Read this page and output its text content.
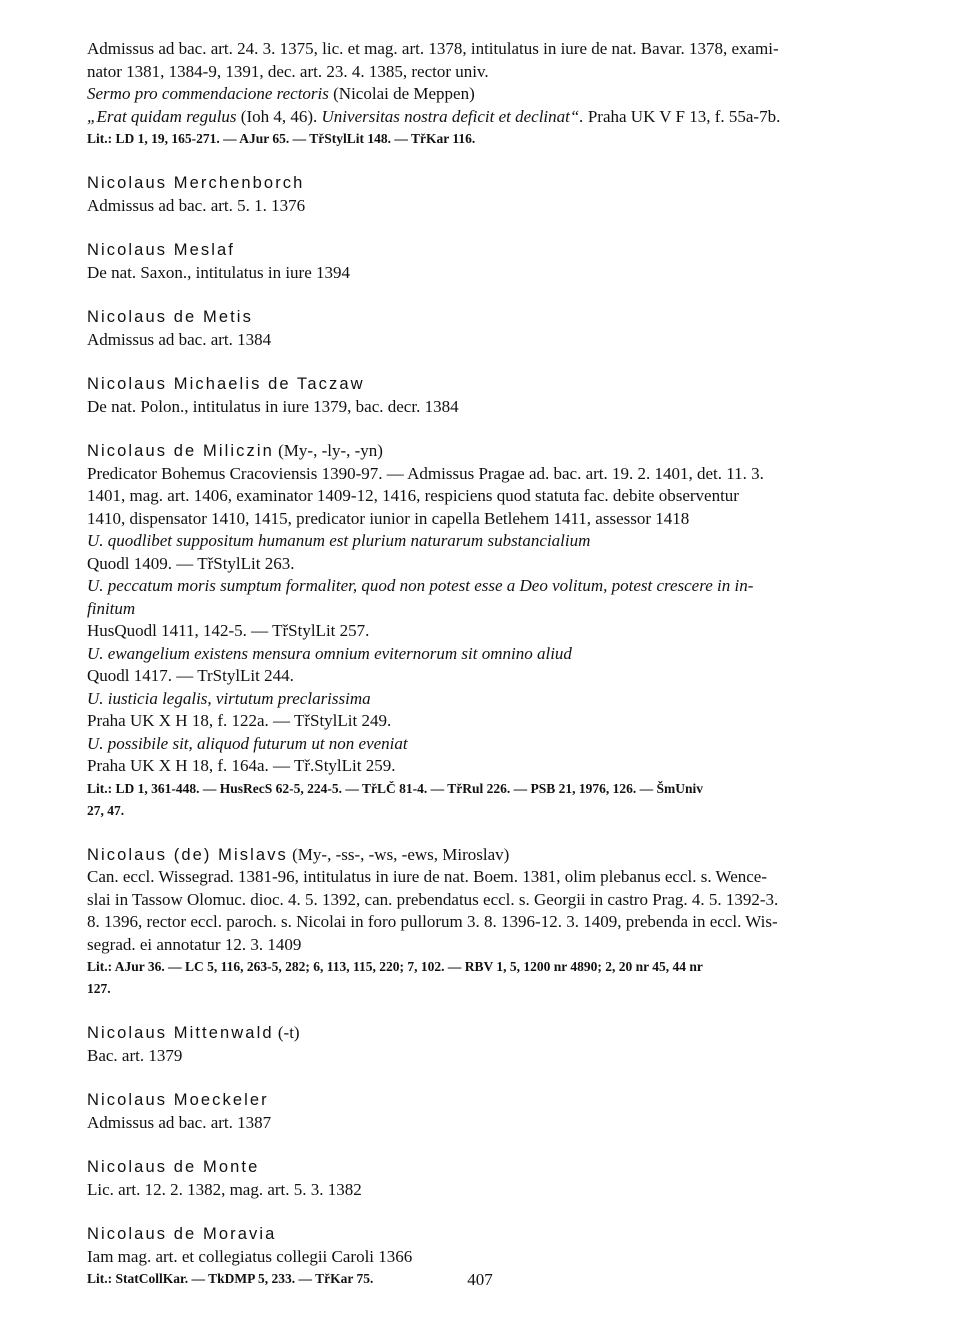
Admissus ad bac. art. 24. 3. 1375, lic. et mag. art. 1378, intitulatus in iure de nat. Bavar. 1378, exami-
nator 1381, 1384-9, 1391, dec. art. 23. 4. 1385, rector univ.
Sermo pro commendacione rectoris (Nicolai de Meppen)
„Erat quidam regulus (Ioh 4, 46). Universitas nostra deficit et declinat“. Praha UK V F 13, f. 55a-7b.
Lit.: LD 1, 19, 165-271. — AJur 65. — TřStylLit 148. — TřKar 116.
Nicolaus Merchenborch
Admissus ad bac. art. 5. 1. 1376
Nicolaus Meslaf
De nat. Saxon., intitulatus in iure 1394
Nicolaus de Metis
Admissus ad bac. art. 1384
Nicolaus Michaelis de Taczaw
De nat. Polon., intitulatus in iure 1379, bac. decr. 1384
Nicolaus de Miliczin (My-, -ly-, -yn)
Predicator Bohemus Cracoviensis 1390-97. — Admissus Pragae ad. bac. art. 19. 2. 1401, det. 11. 3.
1401, mag. art. 1406, examinator 1409-12, 1416, respiciens quod statuta fac. debite observentur
1410, dispensator 1410, 1415, predicator iunior in capella Betlehem 1411, assessor 1418
U. quodlibet suppositum humanum est plurium naturarum substancialium
Quodl 1409. — TřStylLit 263.
U. peccatum moris sumptum formaliter, quod non potest esse a Deo volitum, potest crescere in in-
finitum
HusQuodl 1411, 142-5. — TřStylLit 257.
U. ewangelium existens mensura omnium eviternorum sit omnino aliud
Quodl 1417. — TrStylLit 244.
U. iusticia legalis, virtutum preclarissima
Praha UK X H 18, f. 122a. — TřStylLit 249.
U. possibile sit, aliquod futurum ut non eveniat
Praha UK X H 18, f. 164a. — Tř.StylLit 259.
Lit.: LD 1, 361-448. — HusRecS 62-5, 224-5. — TřLČ 81-4. — TřRul 226. — PSB 21, 1976, 126. — ŠmUniv
27, 47.
Nicolaus (de) Mislavs (My-, -ss-, -ws, -ews, Miroslav)
Can. eccl. Wissegrad. 1381-96, intitulatus in iure de nat. Boem. 1381, olim plebanus eccl. s. Wence-
slai in Tassow Olomuc. dioc. 4. 5. 1392, can. prebendatus eccl. s. Georgii in castro Prag. 4. 5. 1392-3.
8. 1396, rector eccl. paroch. s. Nicolai in foro pullorum 3. 8. 1396-12. 3. 1409, prebenda in eccl. Wis-
segrad. ei annotatur 12. 3. 1409
Lit.: AJur 36. — LC 5, 116, 263-5, 282; 6, 113, 115, 220; 7, 102. — RBV 1, 5, 1200 nr 4890; 2, 20 nr 45, 44 nr
127.
Nicolaus Mittenwald (-t)
Bac. art. 1379
Nicolaus Moeckeler
Admissus ad bac. art. 1387
Nicolaus de Monte
Lic. art. 12. 2. 1382, mag. art. 5. 3. 1382
Nicolaus de Moravia
Iam mag. art. et collegiatus collegii Caroli 1366
Lit.: StatCollKar. — TkDMP 5, 233. — TřKar 75.	407
